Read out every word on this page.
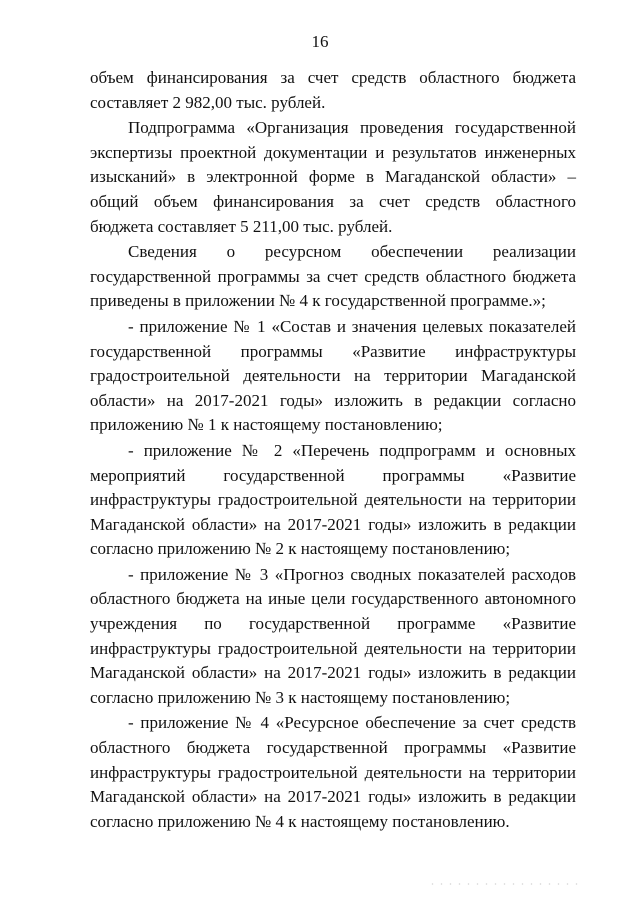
16

объем финансирования за счет средств областного бюджета составляет 2 982,00 тыс. рублей.

Подпрограмма «Организация проведения государственной экспертизы проектной документации и результатов инженерных изысканий» в электронной форме в Магаданской области» – общий объем финансирования за счет средств областного бюджета составляет 5 211,00 тыс. рублей.

Сведения о ресурсном обеспечении реализации государственной программы за счет средств областного бюджета приведены в приложении № 4 к государственной программе.»;

- приложение № 1 «Состав и значения целевых показателей государственной программы «Развитие инфраструктуры градостроительной деятельности на территории Магаданской области» на 2017-2021 годы» изложить в редакции согласно приложению № 1 к настоящему постановлению;

- приложение № 2 «Перечень подпрограмм и основных мероприятий государственной программы «Развитие инфраструктуры градостроительной деятельности на территории Магаданской области» на 2017-2021 годы» изложить в редакции согласно приложению № 2 к настоящему постановлению;

- приложение № 3 «Прогноз сводных показателей расходов областного бюджета на иные цели государственного автономного учреждения по государственной программе «Развитие инфраструктуры градостроительной деятельности на территории Магаданской области» на 2017-2021 годы» изложить в редакции согласно приложению № 3 к настоящему постановлению;

- приложение № 4 «Ресурсное обеспечение за счет средств областного бюджета государственной программы «Развитие инфраструктуры градостроительной деятельности на территории Магаданской области» на 2017-2021 годы» изложить в редакции согласно приложению № 4 к настоящему постановлению.
